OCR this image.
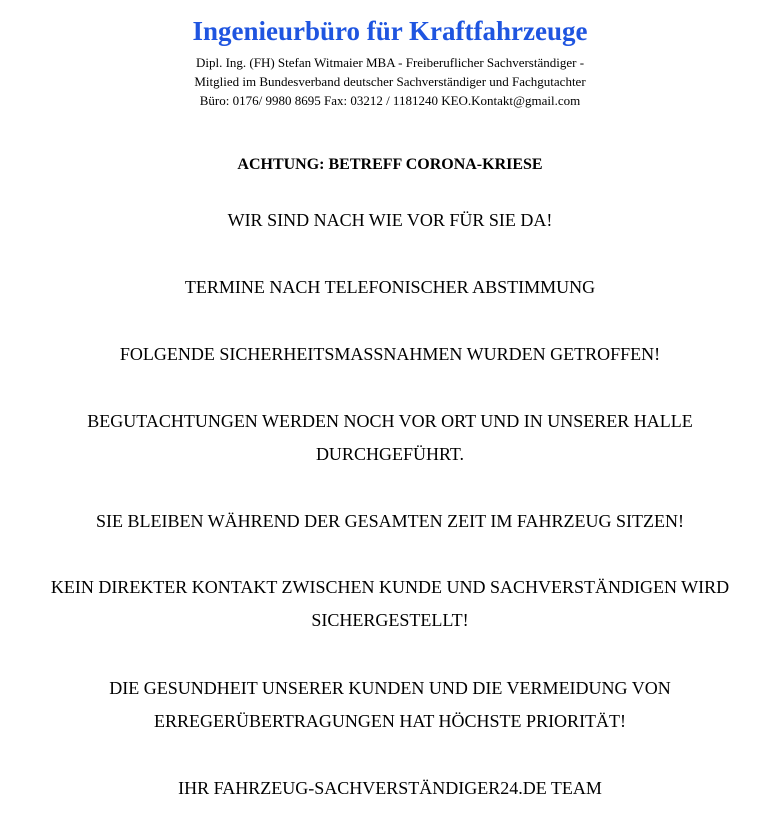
Ingenieurbüro für Kraftfahrzeuge

Dipl. Ing. (FH) Stefan Witmaier MBA - Freiberuflicher Sachverständiger -

Mitglied im Bundesverband deutscher Sachverständiger und Fachgutachter

Büro: 0176/ 9980 8695 Fax: 03212 / 1181240 KEO.Kontakt@gmail.com

ACHTUNG: BETREFF CORONA-KRIESE

WIR SIND NACH WIE VOR FÜR SIE DA!

TERMINE NACH TELEFONISCHER ABSTIMMUNG

FOLGENDE SICHERHEITSMASSNAHMEN WURDEN GETROFFEN!

BEGUTACHTUNGEN WERDEN NOCH VOR ORT UND IN UNSERER HALLE DURCHGEFÜHRT.

SIE BLEIBEN WÄHREND DER GESAMTEN ZEIT IM FAHRZEUG SITZEN!

KEIN DIREKTER KONTAKT ZWISCHEN KUNDE UND SACHVERSTÄNDIGEN WIRD SICHERGESTELLT!

DIE GESUNDHEIT UNSERER KUNDEN UND DIE VERMEIDUNG VON ERREGERÜBERTRAGUNGEN HAT HÖCHSTE PRIORITÄT!

IHR FAHRZEUG-SACHVERSTÄNDIGER24.DE TEAM
